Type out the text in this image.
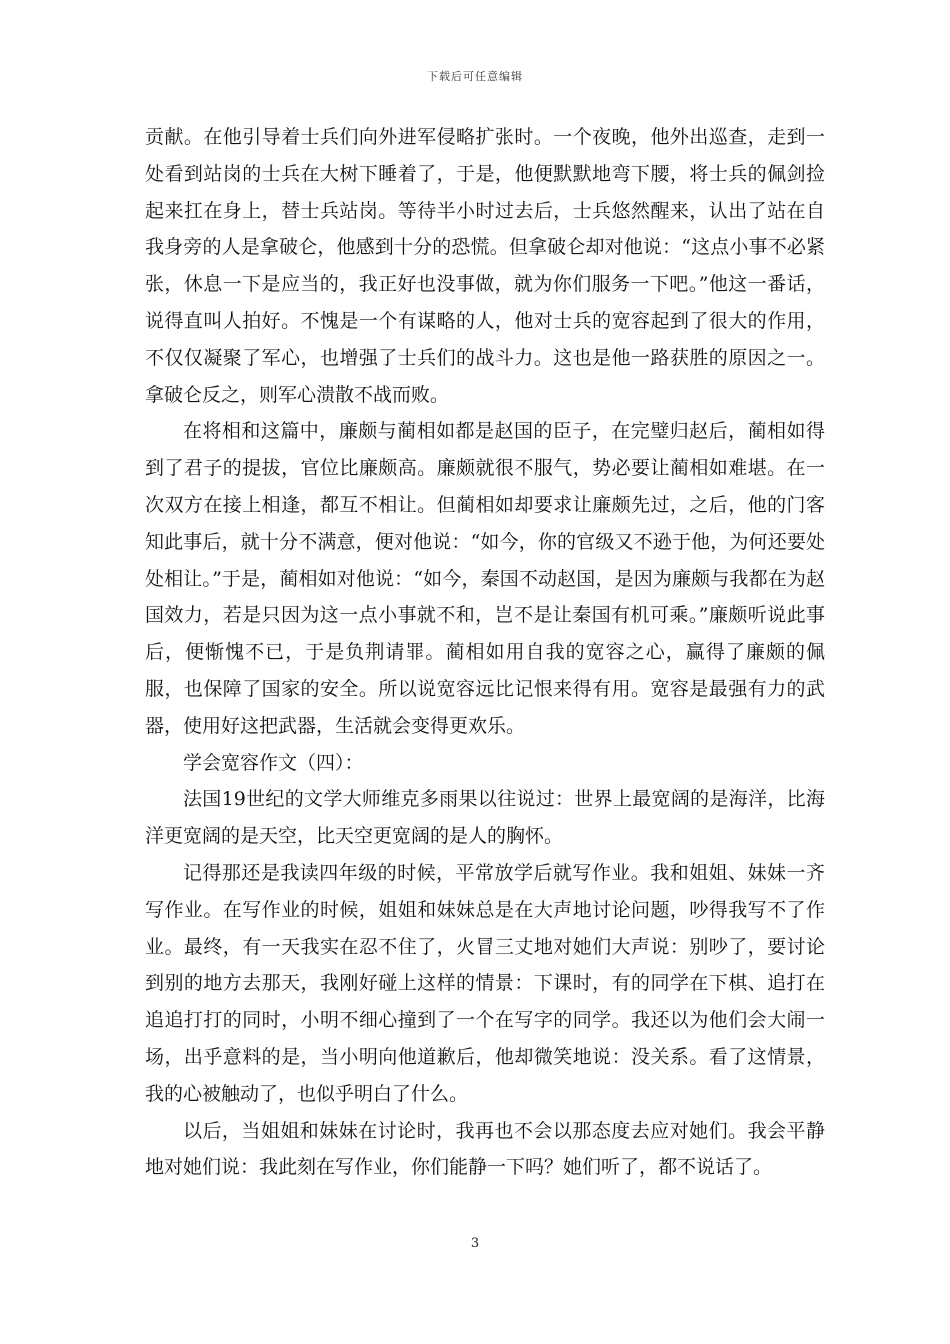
下载后可任意编辑

贡献。在他引导着士兵们向外进军侵略扩张时。一个夜晚，他外出巡查，走到一处看到站岗的士兵在大树下睡着了，于是，他便默默地弯下腰，将士兵的佩剑捡起来扛在身上，替士兵站岗。等待半小时过去后，士兵悠然醒来，认出了站在自我身旁的人是拿破仑，他感到十分的恐慌。但拿破仑却对他说：“这点小事不必紧张，休息一下是应当的，我正好也没事做，就为你们服务一下吧。”他这一番话，说得直叫人拍好。不愧是一个有谋略的人，他对士兵的宽容起到了很大的作用，不仅仅凝聚了军心，也增强了士兵们的战斗力。这也是他一路获胜的原因之一。拿破仑反之，则军心溃散不战而败。

在将相和这篇中，廉颇与蔺相如都是赵国的臣子，在完璧归赵后，蔺相如得到了君子的提拔，官位比廉颇高。廉颇就很不服气，势必要让蔺相如难堪。在一次双方在接上相逢，都互不相让。但蔺相如却要求让廉颇先过，之后，他的门客知此事后，就十分不满意，便对他说：“如今，你的官级又不逊于他，为何还要处处相让。”于是，蔺相如对他说：“如今，秦国不动赵国，是因为廉颇与我都在为赵国效力，若是只因为这一点小事就不和，岂不是让秦国有机可乘。”廉颇听说此事后，便惭愧不已，于是负荆请罪。蔺相如用自我的宽容之心，赢得了廉颇的佩服，也保障了国家的安全。所以说宽容远比记恨来得有用。宽容是最强有力的武器，使用好这把武器，生活就会变得更欢乐。

学会宽容作文（四）：

法国19世纪的文学大师维克多雨果以往说过：世界上最宽阔的是海洋，比海洋更宽阔的是天空，比天空更宽阔的是人的胸怀。

记得那还是我读四年级的时候，平常放学后就写作业。我和姐姐、妹妹一齐写作业。在写作业的时候，姐姐和妹妹总是在大声地讨论问题，吵得我写不了作业。最终，有一天我实在忍不住了，火冒三丈地对她们大声说：别吵了，要讨论到别的地方去那天，我刚好碰上这样的情景：下课时，有的同学在下棋、追打在追追打打的同时，小明不细心撞到了一个在写字的同学。我还以为他们会大闹一场，出乎意料的是，当小明向他道歉后，他却微笑地说：没关系。看了这情景，我的心被触动了，也似乎明白了什么。

以后，当姐姐和妹妹在讨论时，我再也不会以那态度去应对她们。我会平静地对她们说：我此刻在写作业，你们能静一下吗？她们听了，都不说话了。

3
